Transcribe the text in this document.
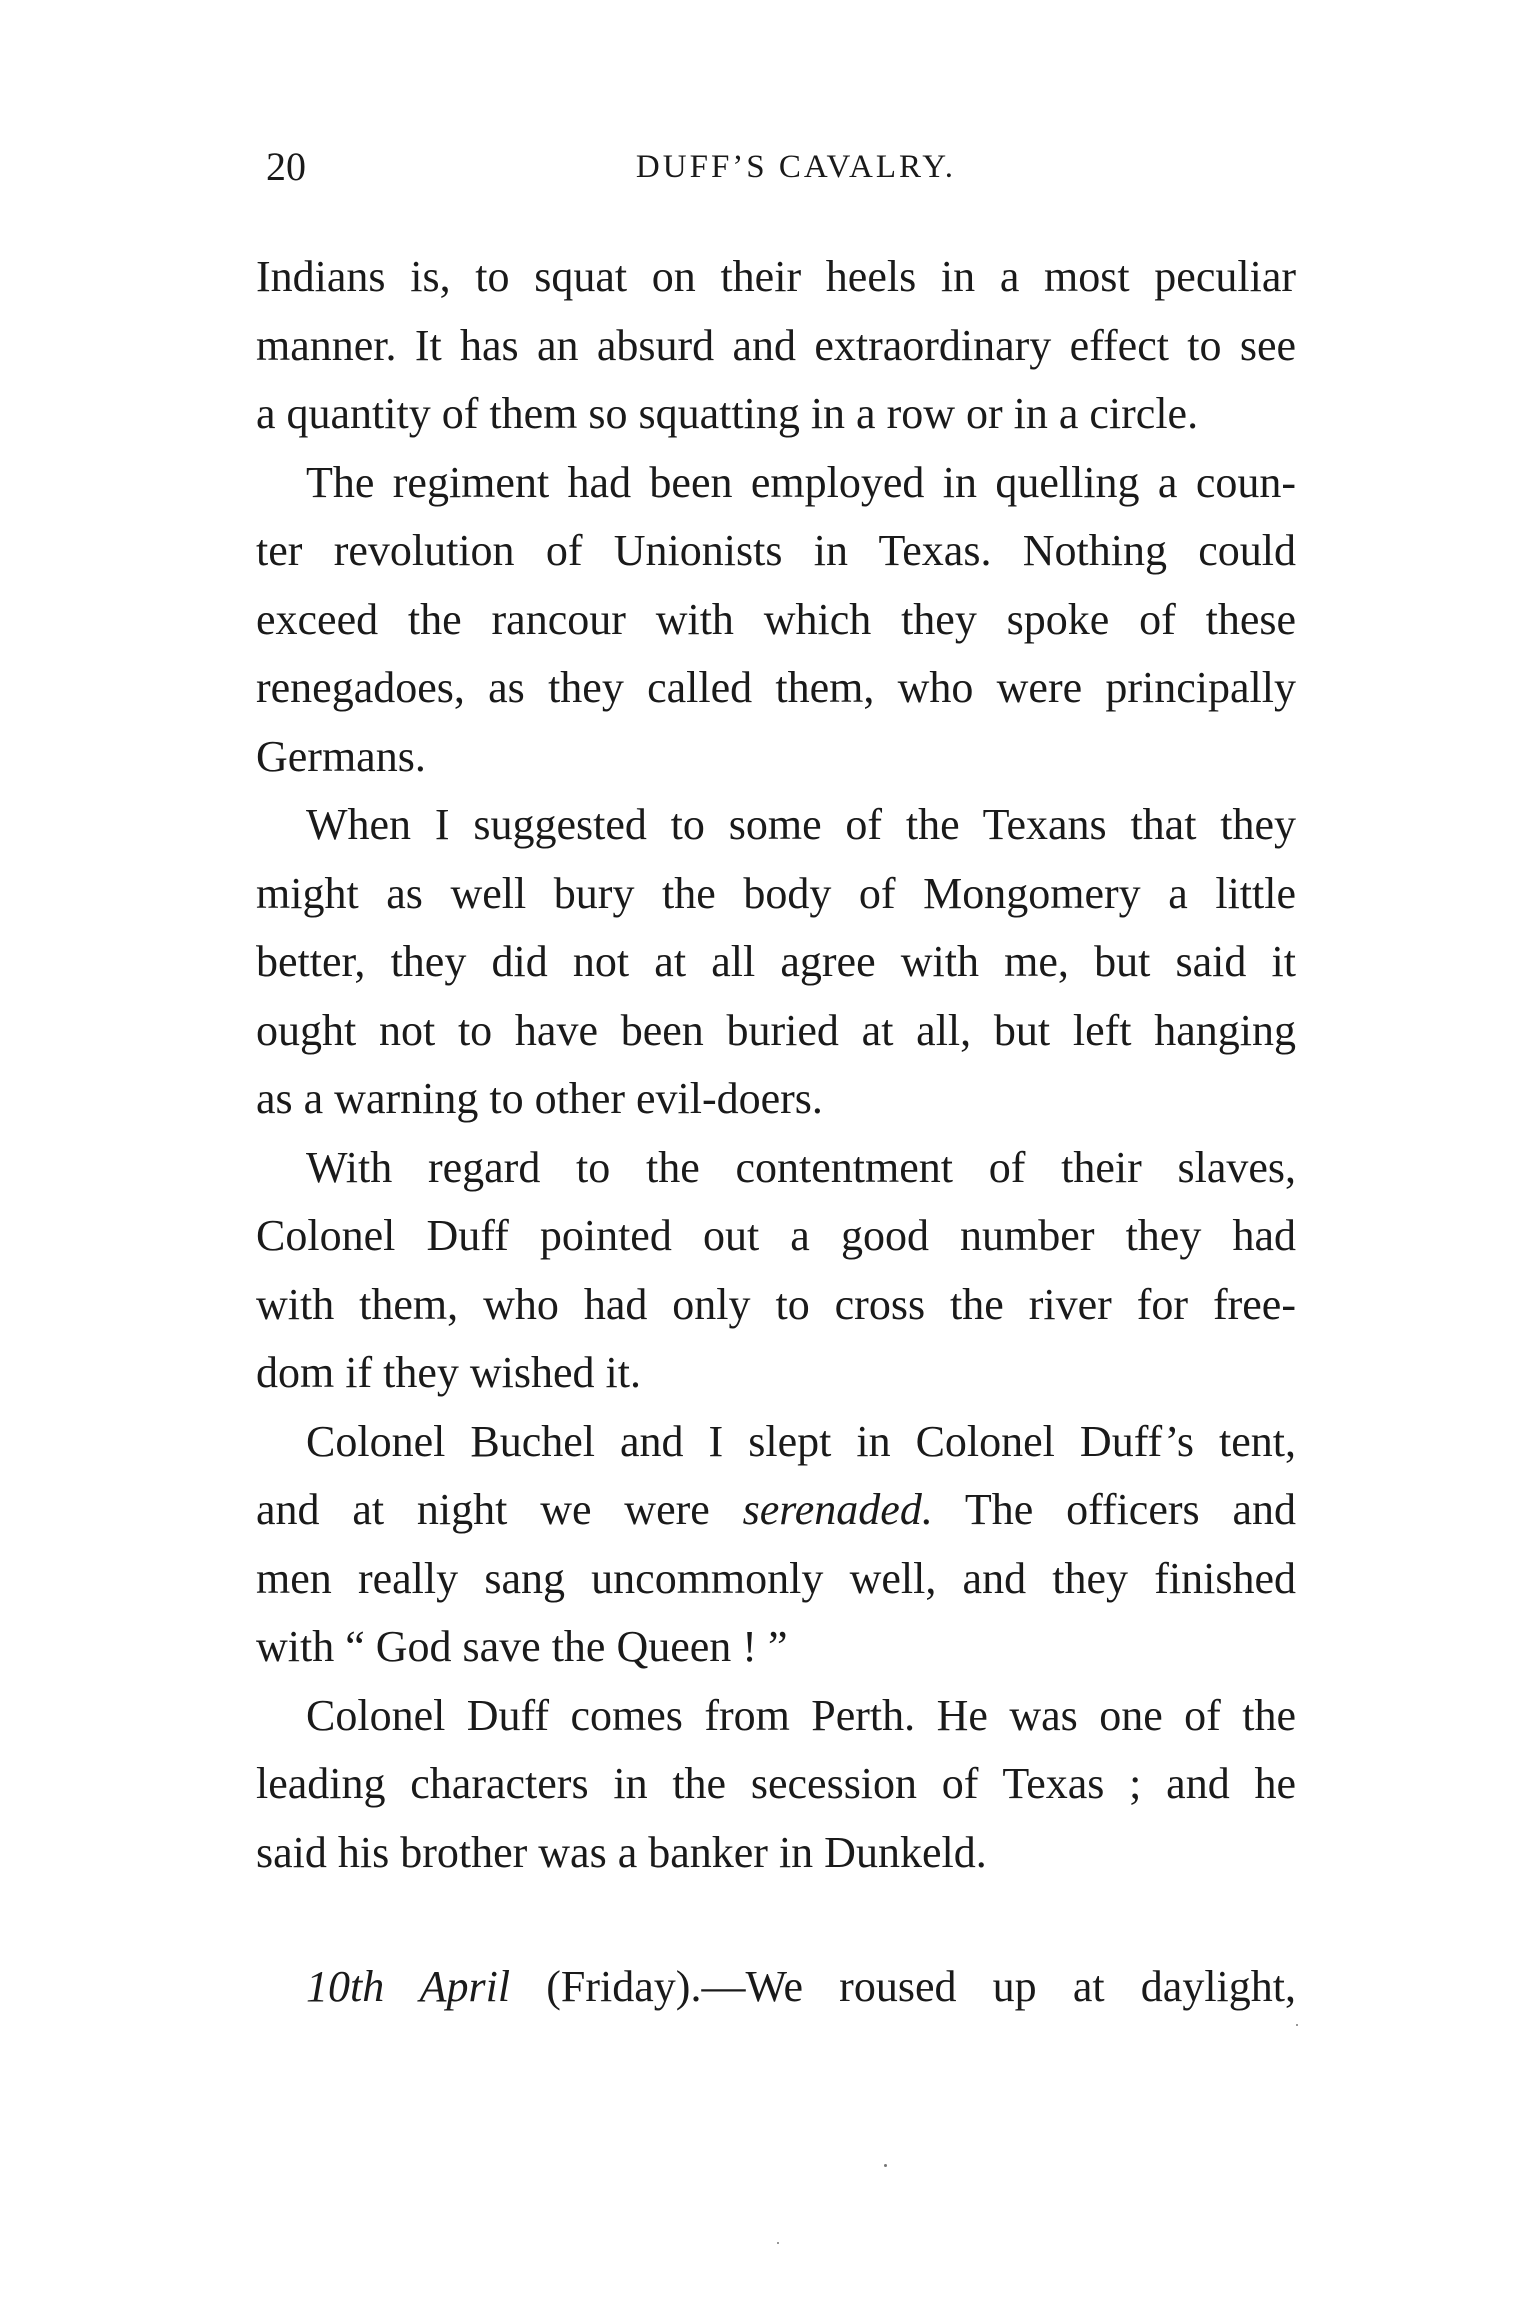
20	DUFF’S CAVALRY.
Indians is, to squat on their heels in a most peculiar
manner. It has an absurd and extraordinary effect to see
a quantity of them so squatting in a row or in a circle.
The regiment had been employed in quelling a coun-
ter revolution of Unionists in Texas. Nothing could
exceed the rancour with which they spoke of these
renegadoes, as they called them, who were principally
Germans.
When I suggested to some of the Texans that they
might as well bury the body of Mongomery a little
better, they did not at all agree with me, but said it
ought not to have been buried at all, but left hanging
as a warning to other evil-doers.
With regard to the contentment of their slaves,
Colonel Duff pointed out a good number they had
with them, who had only to cross the river for free-
dom if they wished it.
Colonel Buchel and I slept in Colonel Duff’s tent,
and at night we were serenaded. The officers and
men really sang uncommonly well, and they finished
with “ God save the Queen ! ”
Colonel Duff comes from Perth. He was one of the
leading characters in the secession of Texas ; and he
said his brother was a banker in Dunkeld.
10th April (Friday).—We roused up at daylight,
